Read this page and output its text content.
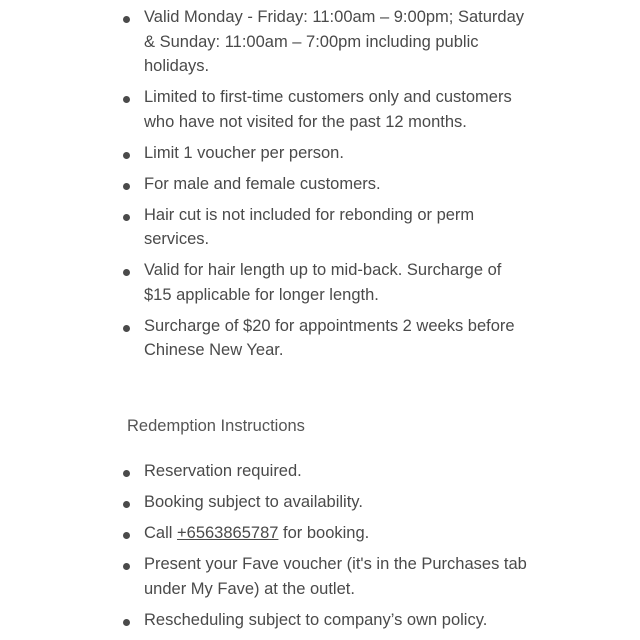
Valid Monday - Friday: 11:00am – 9:00pm; Saturday & Sunday: 11:00am – 7:00pm including public holidays.
Limited to first-time customers only and customers who have not visited for the past 12 months.
Limit 1 voucher per person.
For male and female customers.
Hair cut is not included for rebonding or perm services.
Valid for hair length up to mid-back. Surcharge of $15 applicable for longer length.
Surcharge of $20 for appointments 2 weeks before Chinese New Year.
Redemption Instructions
Reservation required.
Booking subject to availability.
Call +6563865787 for booking.
Present your Fave voucher (it's in the Purchases tab under My Fave) at the outlet.
Rescheduling subject to company’s own policy.
